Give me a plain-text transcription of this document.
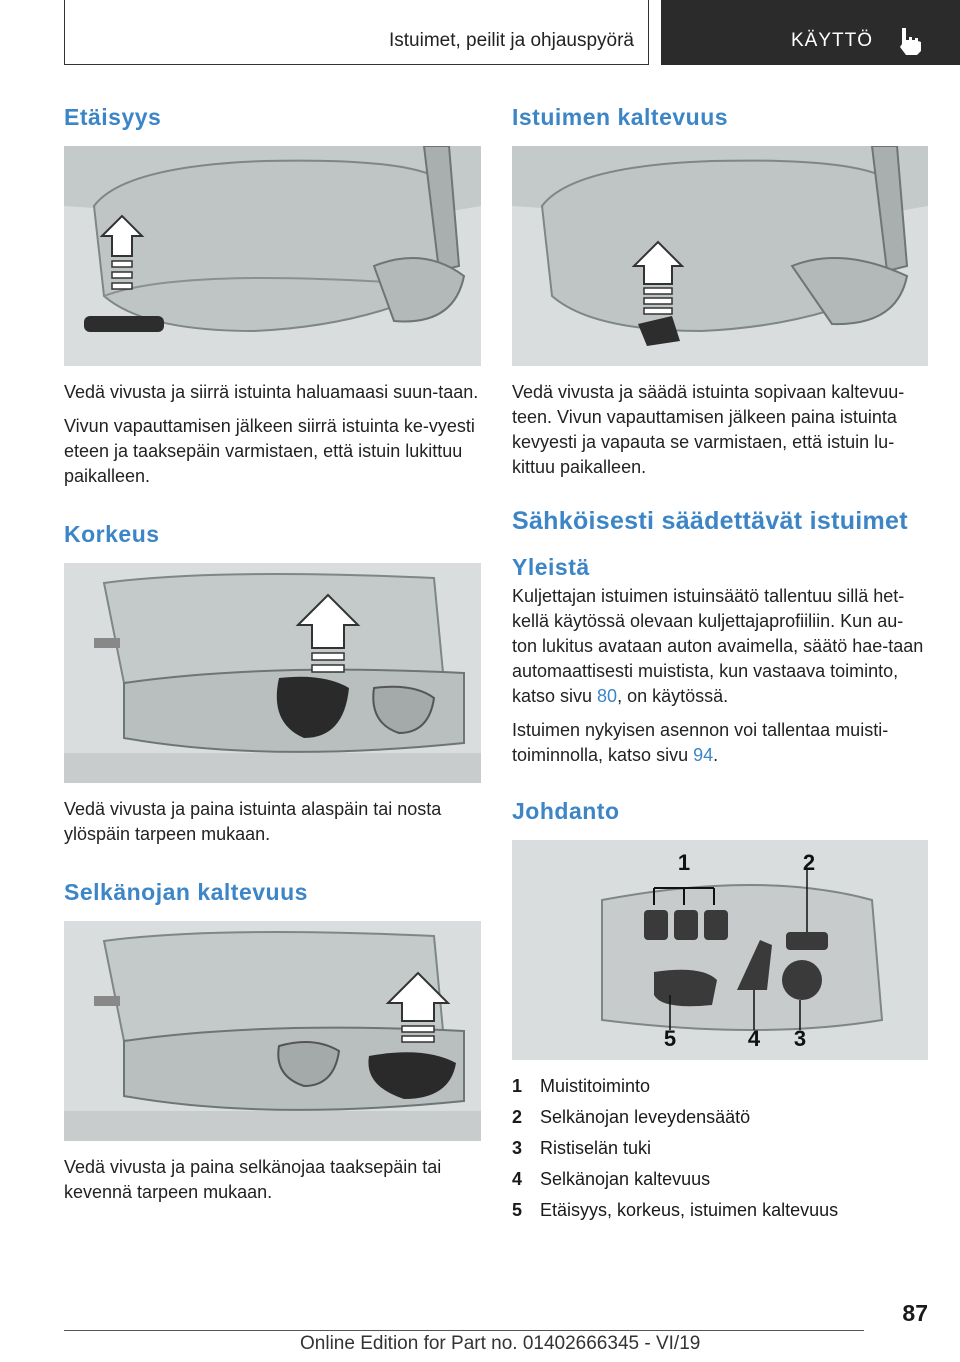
Istuimet, peilit ja ohjauspyörä	KÄYTTÖ
Etäisyys

Vedä vivusta ja siirrä istuinta haluamaasi suun-taan.

Vivun vapauttamisen jälkeen siirrä istuinta ke-vyesti eteen ja taaksepäin varmistaen, että istuin lukittuu paikalleen.

Korkeus

Vedä vivusta ja paina istuinta alaspäin tai nosta ylöspäin tarpeen mukaan.

Selkänojan kaltevuus

Vedä vivusta ja paina selkänojaa taaksepäin tai kevennä tarpeen mukaan.

Istuimen kaltevuus

Vedä vivusta ja säädä istuinta sopivaan kaltevuu-teen. Vivun vapauttamisen jälkeen paina istuinta kevyesti ja vapauta se varmistaen, että istuin lu-kittuu paikalleen.

Sähköisesti säädettävät istuimet
Yleistä

Kuljettajan istuimen istuinsäätö tallentuu sillä het-kellä käytössä olevaan kuljettajaprofiiliin. Kun au-ton lukitus avataan auton avaimella, säätö hae-taan automaattisesti muistista, kun vastaava toiminto, katso sivu 80, on käytössä.

Istuimen nykyisen asennon voi tallentaa muisti-toiminnolla, katso sivu 94.

Johdanto
1	2
3
4
5
1 Muistitoiminto
2 Selkänojan leveydensäätö
3 Ristiselän tuki
4 Selkänojan kaltevuus
5 Etäisyys, korkeus, istuimen kaltevuus
87
Online Edition for Part no. 01402666345 - VI/19
